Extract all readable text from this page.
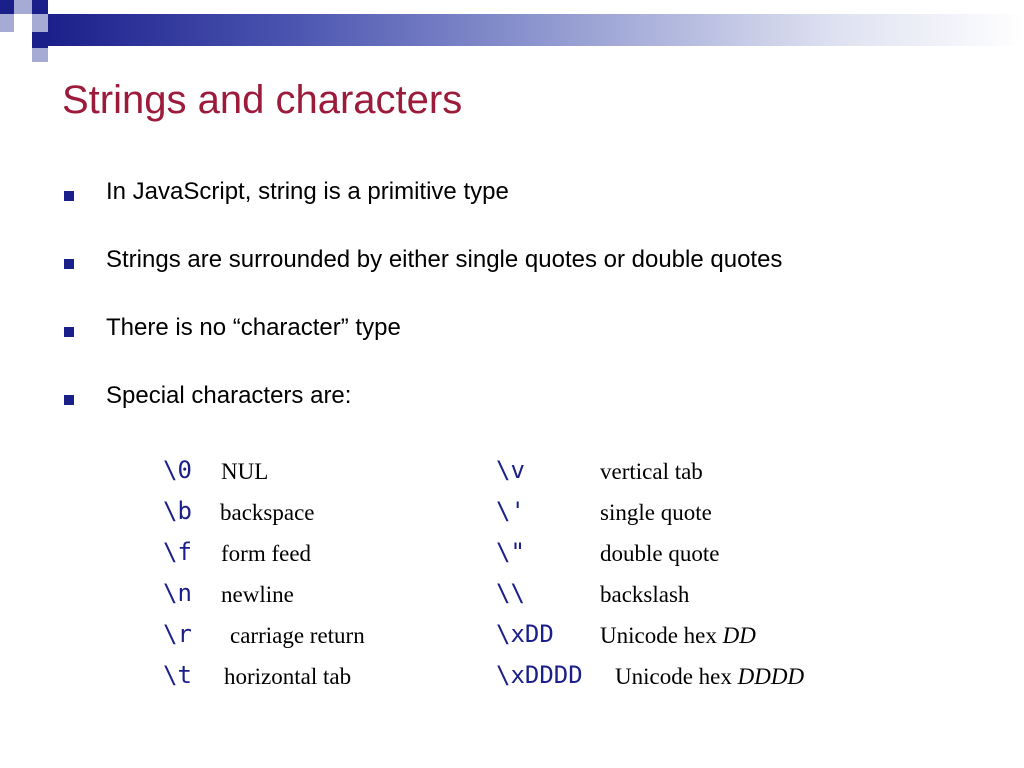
Strings and characters
In JavaScript, string is a primitive type
Strings are surrounded by either single quotes or double quotes
There is no “character” type
Special characters are:
\0 NUL	\v	vertical tab
\b backspace	\'	single quote
\f form feed	\"	double quote
\n newline	\\	backslash
\r carriage return	\xDD Unicode hex DD
\t horizontal tab	\xDDDD Unicode hex DDDD
